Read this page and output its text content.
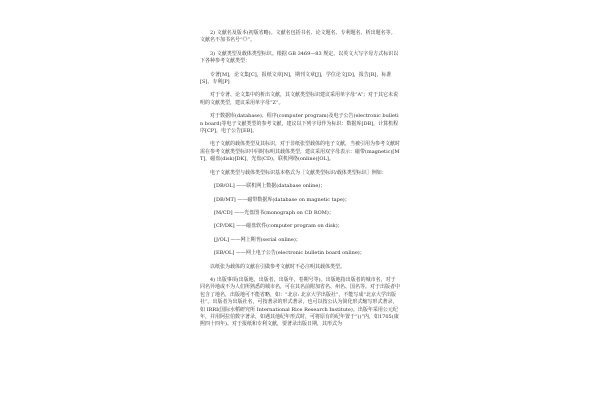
2) 文献名及版本(初版省略)。文献名包括书名、论文题名、专利题名、析出题名等。文献名不加书名号“《》”。

3) 文献类型及载体类型标识。根据 GB 3469—83 规定，以英文大写字母方式标识以下各种参考文献类型：

专著[M]，论文集[C]，报纸文章[N]，期刊文章[J]，学位论文[D]，报告[R]，标准[S]，专利[P]

对于专著、论文集中的析出文献，其文献类型标识建议采用单字母“A”；对于其它未说明的文献类型，建议采用单字母“Z”。

对于数据库(database)、程序(computer program)及电子公告(electronic bulletin board)等电子文献类型的参考文献，建议以下列字母作为标识：数据库[DB]，计算机程序[CP]，电子公告[EB]。

电子文献的载体类型及其标识，对于非纸张型载体的电子文献，当被引用为参考文献时需在参考文献类型标识中同时标明其载体类型，建议采用双字母表示：磁带(magnetic)[MT]，磁盘(disk)[DK]，光盘(CD)，联机网络(online)[OL]。

电子文献类型与载体类型标识基本格式为［文献类型标识/载体类型标识］例如：

[DB/OL] ——联机网上数据(database online)；
[DB/MT] ——磁带数据库(database on magnetic tape)；
[M/CD] ——光盘图书(monograph on CD ROM)；
[CP/DK] ——磁盘软件(computer program on disk)；
[J/OL] ——网上期刊(serial online)；
[EB/OL] ——网上电子公告(electronic bulletin board online)；

以纸张为载体的文献在引做参考文献时不必注明其载体类型。

4) 出版事项(出版地，出版者，出版年，卷期号等)。出版地指出版者的城市名，对于同名异地或不为人们所熟悉的城市名，可在其名前附加省名、州名、国名等。对于出版者中包含了地名，出版地可不能省略，如：“北京: 北京大学出版社”，不能写成“北京大学出版社”。出版者为出版社名，可按著录的形式著录，也可以按公认为简化形式缩写形式著录，如 IRRI(国际水稻研究所 International Rice Research Institute)。出版年采用公元纪年，并用阿拉伯数字著录，如遇其他纪年形式时，可将原有的纪年置于“()”内，如1705(康熙四十四年)。对于报纸和专利文献，要著录出版日期，其形式为
